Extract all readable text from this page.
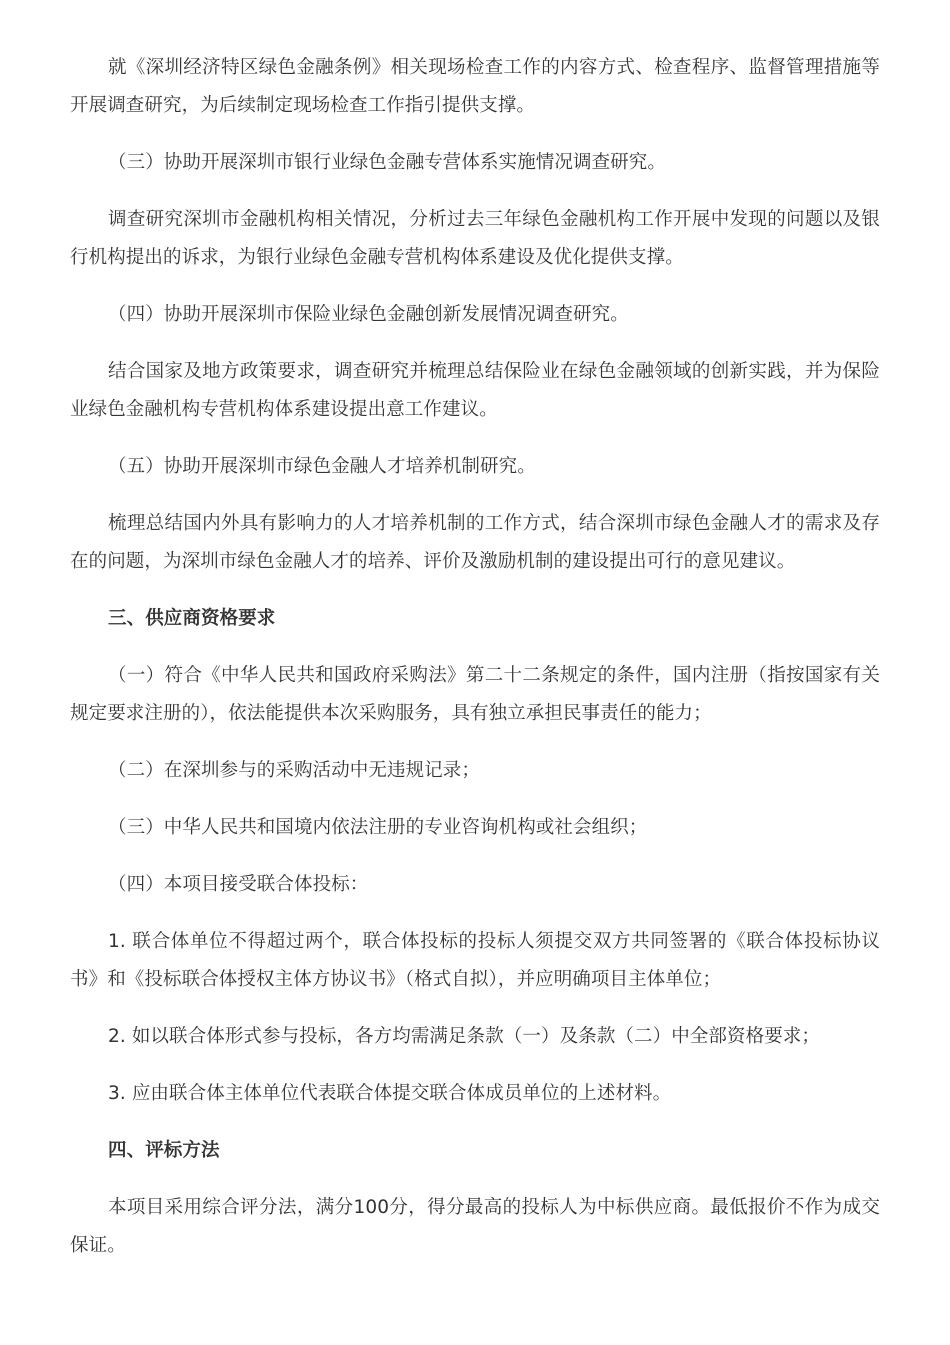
就《深圳经济特区绿色金融条例》相关现场检查工作的内容方式、检查程序、监督管理措施等开展调查研究，为后续制定现场检查工作指引提供支撑。

（三）协助开展深圳市银行业绿色金融专营体系实施情况调查研究。

调查研究深圳市金融机构相关情况，分析过去三年绿色金融机构工作开展中发现的问题以及银行机构提出的诉求，为银行业绿色金融专营机构体系建设及优化提供支撑。

（四）协助开展深圳市保险业绿色金融创新发展情况调查研究。

结合国家及地方政策要求，调查研究并梳理总结保险业在绿色金融领域的创新实践，并为保险业绿色金融机构专营机构体系建设提出意工作建议。

（五）协助开展深圳市绿色金融人才培养机制研究。

梳理总结国内外具有影响力的人才培养机制的工作方式，结合深圳市绿色金融人才的需求及存在的问题，为深圳市绿色金融人才的培养、评价及激励机制的建设提出可行的意见建议。

三、供应商资格要求

（一）符合《中华人民共和国政府采购法》第二十二条规定的条件，国内注册（指按国家有关规定要求注册的），依法能提供本次采购服务，具有独立承担民事责任的能力；

（二）在深圳参与的采购活动中无违规记录；

（三）中华人民共和国境内依法注册的专业咨询机构或社会组织；

（四）本项目接受联合体投标：

1. 联合体单位不得超过两个，联合体投标的投标人须提交双方共同签署的《联合体投标协议书》和《投标联合体授权主体方协议书》（格式自拟），并应明确项目主体单位；

2. 如以联合体形式参与投标，各方均需满足条款（一）及条款（二）中全部资格要求；

3. 应由联合体主体单位代表联合体提交联合体成员单位的上述材料。

四、评标方法

本项目采用综合评分法，满分100分，得分最高的投标人为中标供应商。最低报价不作为成交保证。
